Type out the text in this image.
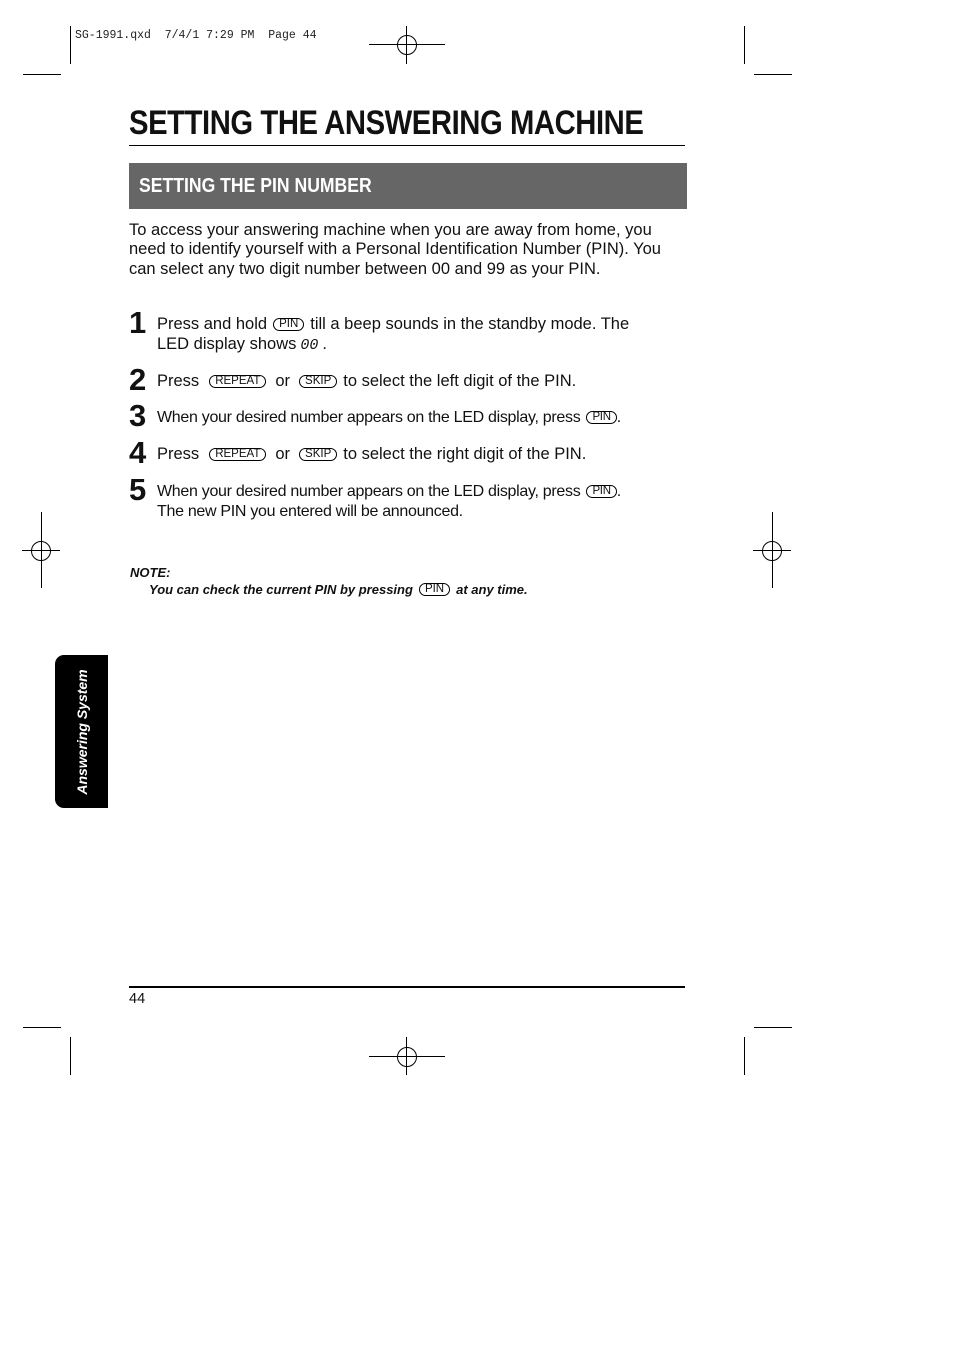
SG-1991.qxd  7/4/1 7:29 PM  Page 44
SETTING THE ANSWERING MACHINE
SETTING THE PIN NUMBER
To access your answering machine when you are away from home, you need to identify yourself with a Personal Identification Number (PIN). You can select any two digit number between 00 and 99 as your PIN.
1 Press and hold PIN till a beep sounds in the standby mode. The
LED display shows 00 .
2 Press REPEAT or SKIP to select the left digit of the PIN.
3 When your desired number appears on the LED display, press PIN .
4 Press REPEAT or SKIP to select the right digit of the PIN.
5 When your desired number appears on the LED display, press PIN .
The new PIN you entered will be announced.
NOTE:
You can check the current PIN by pressing PIN at any time.
Answering System
44
